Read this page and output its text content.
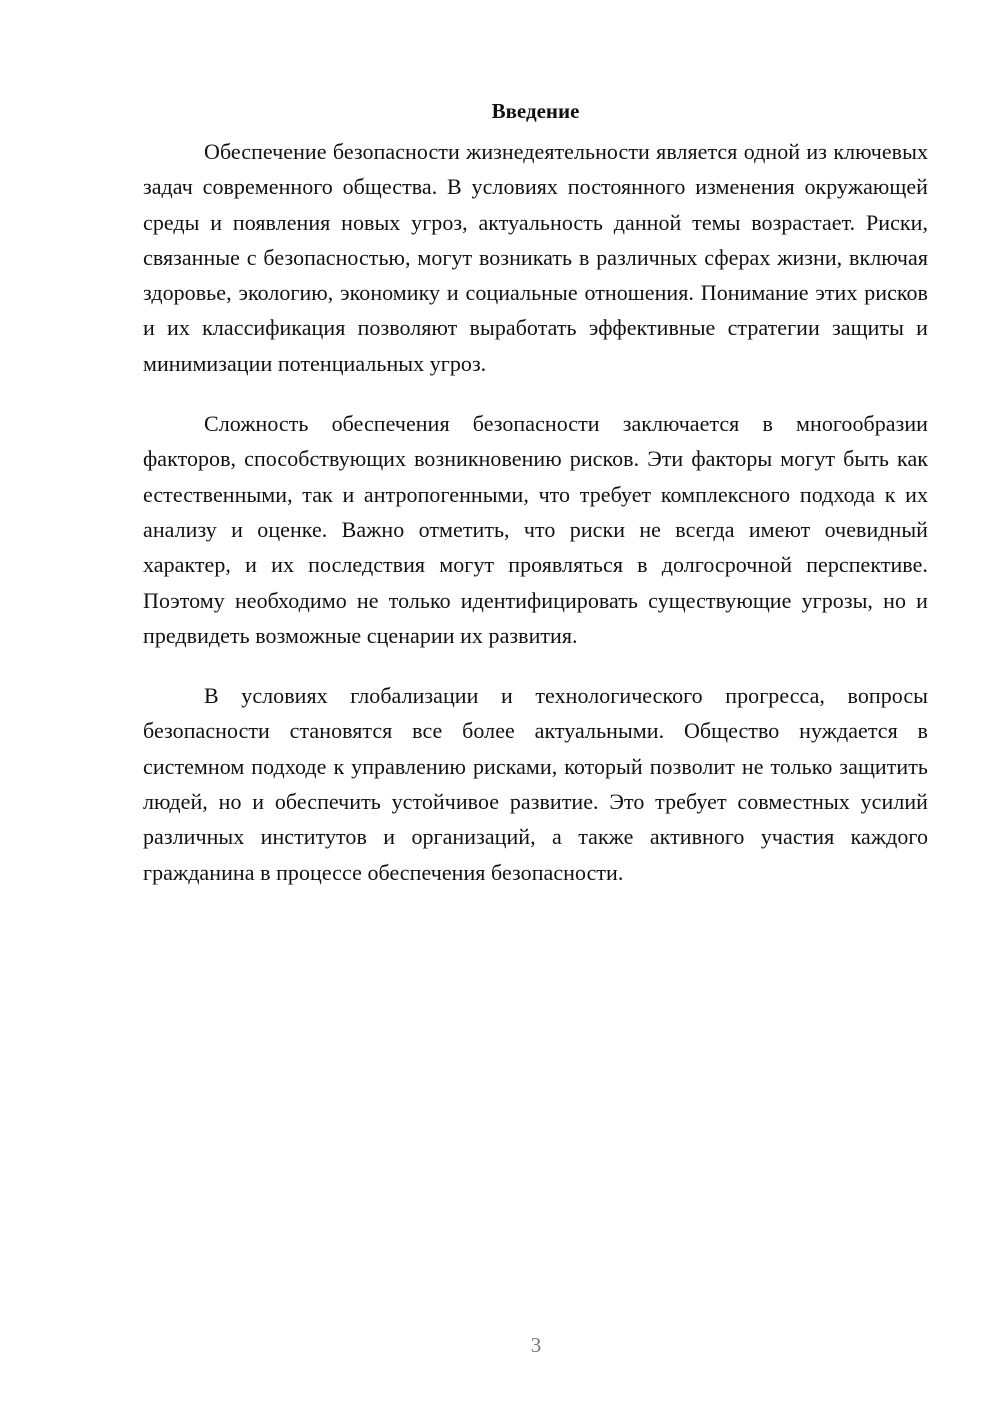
Введение

Обеспечение безопасности жизнедеятельности является одной из ключевых задач современного общества. В условиях постоянного изменения окружающей среды и появления новых угроз, актуальность данной темы возрастает. Риски, связанные с безопасностью, могут возникать в различных сферах жизни, включая здоровье, экологию, экономику и социальные отношения. Понимание этих рисков и их классификация позволяют выработать эффективные стратегии защиты и минимизации потенциальных угроз.

Сложность обеспечения безопасности заключается в многообразии факторов, способствующих возникновению рисков. Эти факторы могут быть как естественными, так и антропогенными, что требует комплексного подхода к их анализу и оценке. Важно отметить, что риски не всегда имеют очевидный характер, и их последствия могут проявляться в долгосрочной перспективе. Поэтому необходимо не только идентифицировать существующие угрозы, но и предвидеть возможные сценарии их развития.

В условиях глобализации и технологического прогресса, вопросы безопасности становятся все более актуальными. Общество нуждается в системном подходе к управлению рисками, который позволит не только защитить людей, но и обеспечить устойчивое развитие. Это требует совместных усилий различных институтов и организаций, а также активного участия каждого гражданина в процессе обеспечения безопасности.

3
